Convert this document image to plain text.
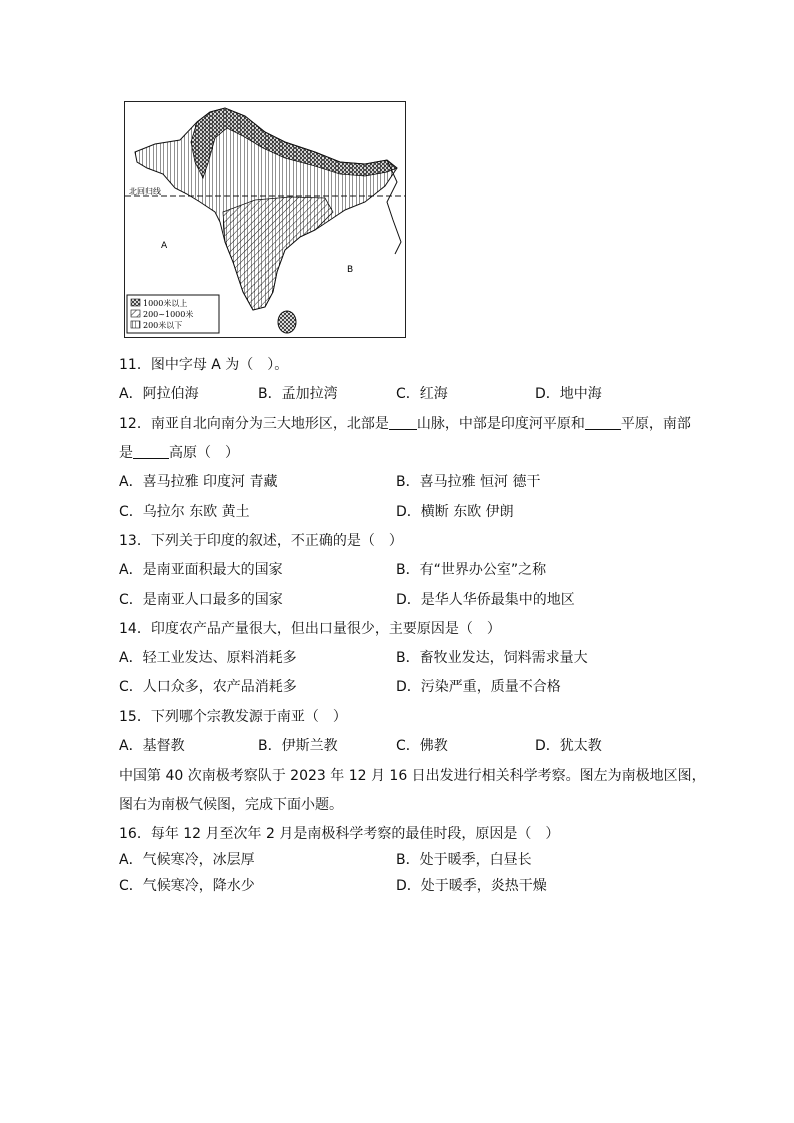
北回归线
A
B
1000米以上
200~1000米
200米以下
11．图中字母 A 为（　）。
A．阿拉伯海	B．孟加拉湾	C．红海	D．地中海
12．南亚自北向南分为三大地形区，北部是 山脉，中部是印度河平原和	平原，南部
是	高原（　）
A．喜马拉雅 印度河 青藏	B．喜马拉雅 恒河 德干
C．乌拉尔 东欧 黄土	D．横断 东欧 伊朗
13．下列关于印度的叙述，不正确的是（　）
A．是南亚面积最大的国家	B．有“世界办公室”之称
C．是南亚人口最多的国家	D．是华人华侨最集中的地区
14．印度农产品产量很大，但出口量很少，主要原因是（　）
A．轻工业发达、原料消耗多	B．畜牧业发达，饲料需求量大
C．人口众多，农产品消耗多	D．污染严重，质量不合格
15．下列哪个宗教发源于南亚（　）
A．基督教	B．伊斯兰教	C．佛教	D．犹太教
中国第 40 次南极考察队于 2023 年 12 月 16 日出发进行相关科学考察。图左为南极地区图，
图右为南极气候图，完成下面小题。
16．每年 12 月至次年 2 月是南极科学考察的最佳时段，原因是（　）
A．气候寒冷，冰层厚	B．处于暖季，白昼长
C．气候寒冷，降水少	D．处于暖季，炎热干燥
